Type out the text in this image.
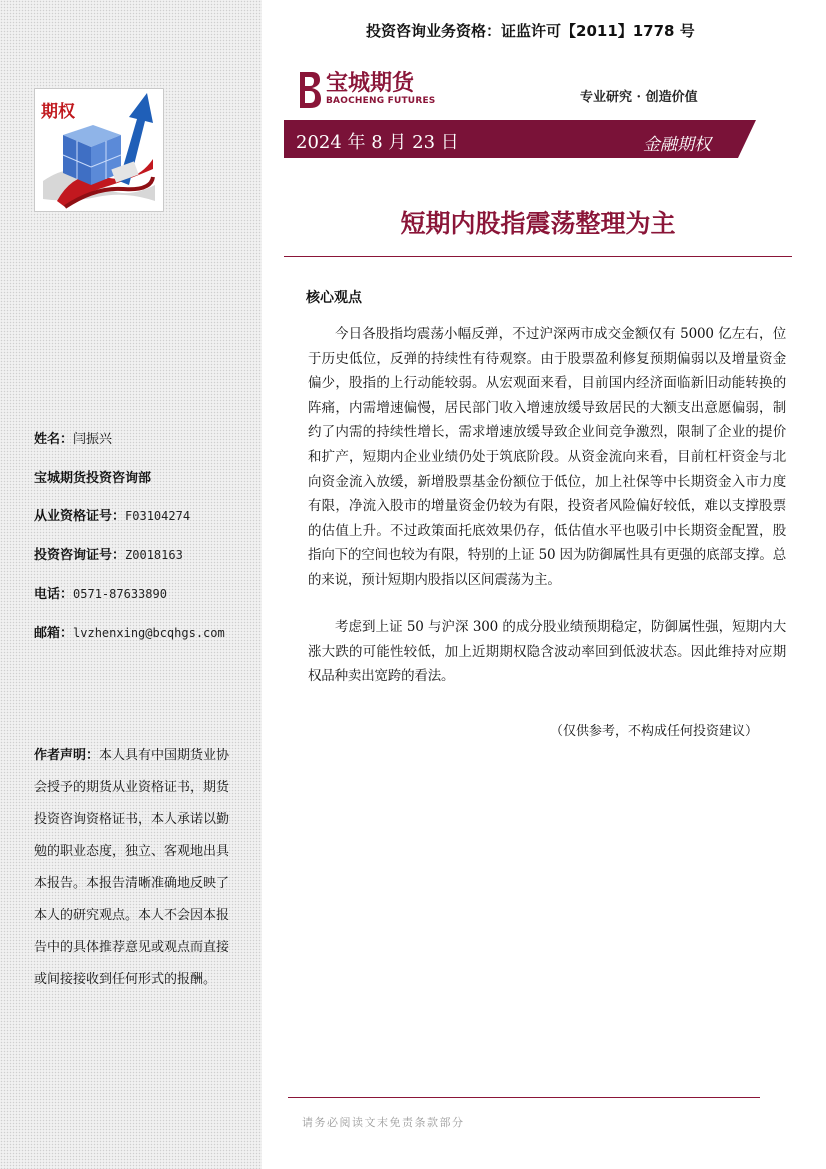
期权
姓名：闫振兴
宝城期货投资咨询部
从业资格证号：F03104274
投资咨询证号：Z0018163
电话：0571-87633890
邮箱：lvzhenxing@bcqhgs.com
作者声明：本人具有中国期货业协会授予的期货从业资格证书，期货投资咨询资格证书，本人承诺以勤勉的职业态度，独立、客观地出具本报告。本报告清晰准确地反映了本人的研究观点。本人不会因本报告中的具体推荐意见或观点而直接或间接接收到任何形式的报酬。
投资咨询业务资格：证监许可【2011】1778 号
宝城期货
BAOCHENG FUTURES	专业研究 · 创造价值
2024 年 8 月 23 日	金融期权
短期内股指震荡整理为主
核心观点
今日各股指均震荡小幅反弹，不过沪深两市成交金额仅有 5000 亿左右，位于历史低位，反弹的持续性有待观察。由于股票盈利修复预期偏弱以及增量资金偏少，股指的上行动能较弱。从宏观面来看，目前国内经济面临新旧动能转换的阵痛，内需增速偏慢，居民部门收入增速放缓导致居民的大额支出意愿偏弱，制约了内需的持续性增长，需求增速放缓导致企业间竞争激烈，限制了企业的提价和扩产，短期内企业业绩仍处于筑底阶段。从资金流向来看，目前杠杆资金与北向资金流入放缓，新增股票基金份额位于低位，加上社保等中长期资金入市力度有限，净流入股市的增量资金仍较为有限，投资者风险偏好较低，难以支撑股票的估值上升。不过政策面托底效果仍存，低估值水平也吸引中长期资金配置，股指向下的空间也较为有限，特别的上证 50 因为防御属性具有更强的底部支撑。总的来说，预计短期内股指以区间震荡为主。
考虑到上证 50 与沪深 300 的成分股业绩预期稳定，防御属性强，短期内大涨大跌的可能性较低，加上近期期权隐含波动率回到低波状态。因此维持对应期权品种卖出宽跨的看法。
（仅供参考，不构成任何投资建议）
请务必阅读文末免责条款部分
